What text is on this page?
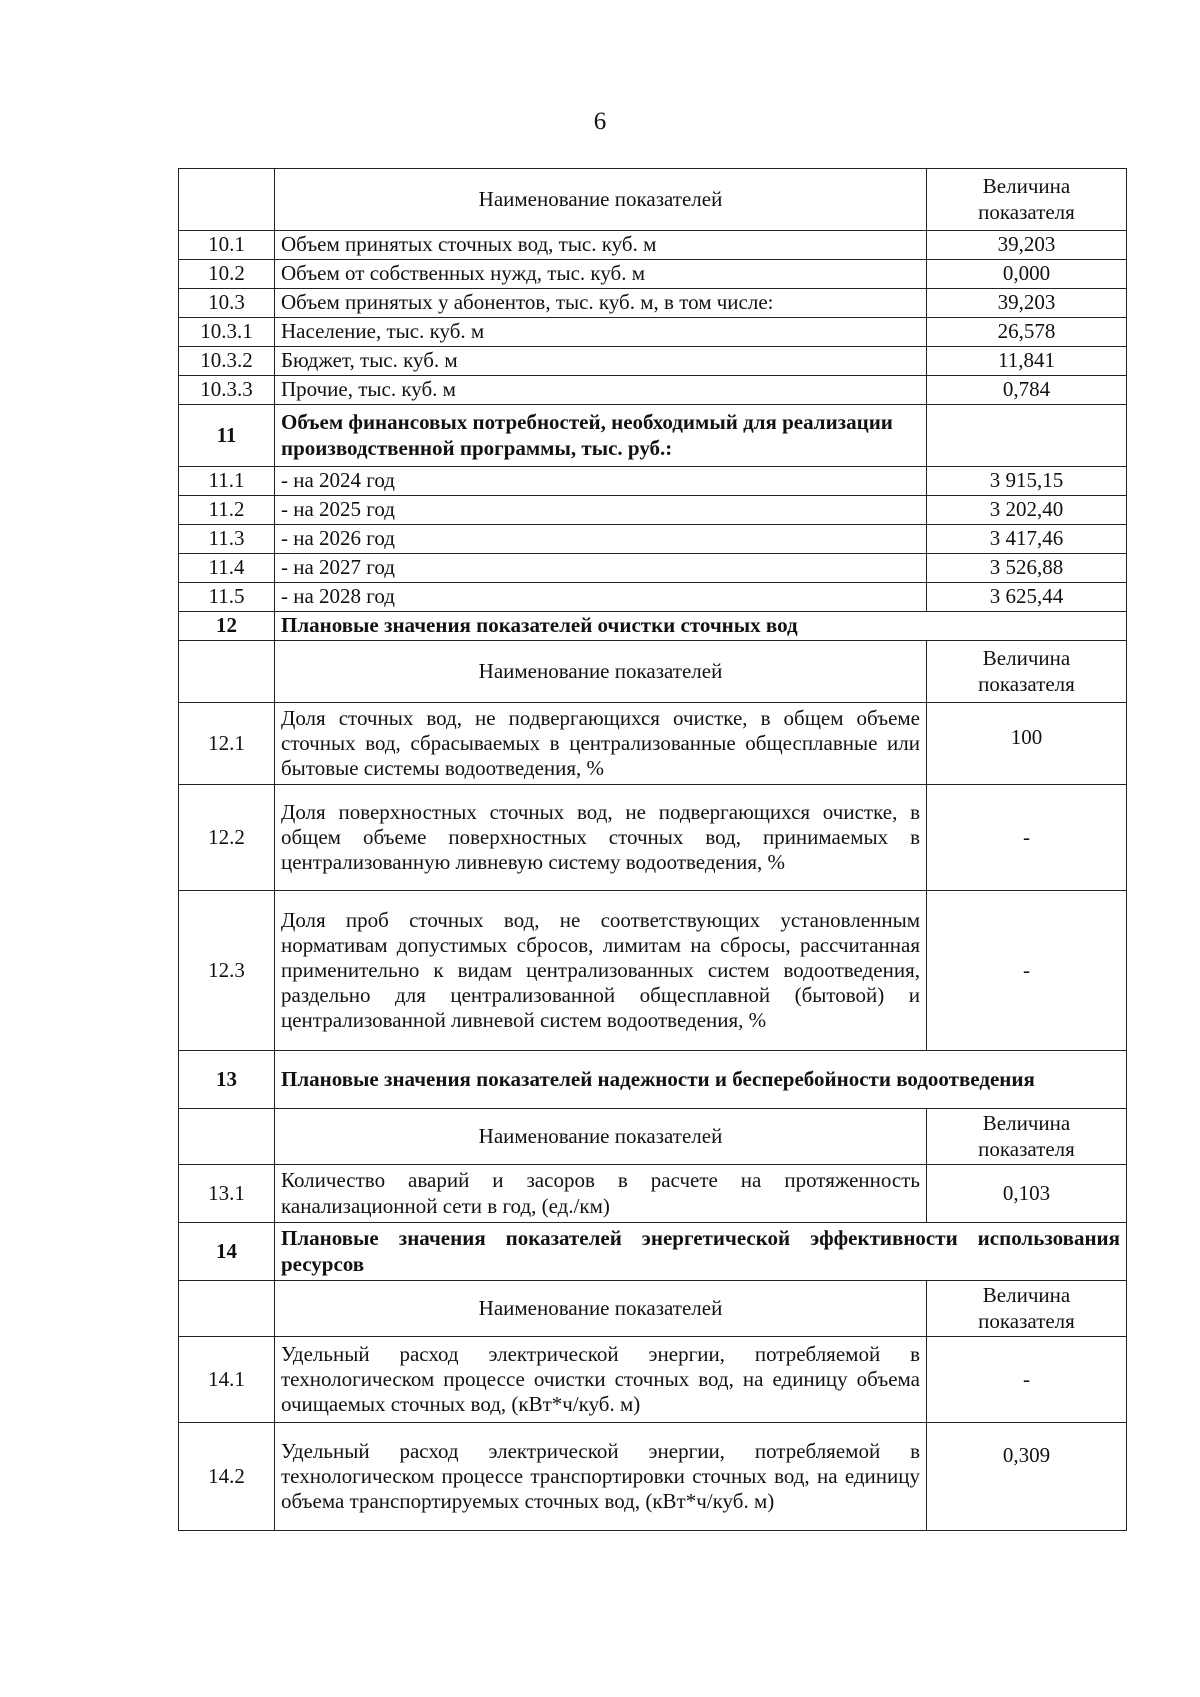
6
	Наименование показателей	Величина показателя
10.1	Объем принятых сточных вод, тыс. куб. м	39,203
10.2	Объем от собственных нужд, тыс. куб. м	0,000
10.3	Объем принятых у абонентов, тыс. куб. м, в том числе:	39,203
10.3.1	Население, тыс. куб. м	26,578
10.3.2	Бюджет, тыс. куб. м	11,841
10.3.3	Прочие, тыс. куб. м	0,784
11	Объем финансовых потребностей, необходимый для реализации производственной программы, тыс. руб.:	
11.1	- на 2024 год	3 915,15
11.2	- на 2025 год	3 202,40
11.3	- на 2026 год	3 417,46
11.4	- на 2027 год	3 526,88
11.5	- на 2028 год	3 625,44
12	Плановые значения показателей очистки сточных вод	
	Наименование показателей	Величина показателя
12.1	Доля сточных вод, не подвергающихся очистке, в общем объеме сточных вод, сбрасываемых в централизованные общесплавные или бытовые системы водоотведения, %	100
12.2	Доля поверхностных сточных вод, не подвергающихся очистке, в общем объеме поверхностных сточных вод, принимаемых в централизованную ливневую систему водоотведения, %	-
12.3	Доля проб сточных вод, не соответствующих установленным нормативам допустимых сбросов, лимитам на сбросы, рассчитанная применительно к видам централизованных систем водоотведения, раздельно для централизованной общесплавной (бытовой) и централизованной ливневой систем водоотведения, %	-
13	Плановые значения показателей надежности и бесперебойности водоотведения	
	Наименование показателей	Величина показателя
13.1	Количество аварий и засоров в расчете на протяженность канализационной сети в год, (ед./км)	0,103
14	Плановые значения показателей энергетической эффективности использования ресурсов	
	Наименование показателей	Величина показателя
14.1	Удельный расход электрической энергии, потребляемой в технологическом процессе очистки сточных вод, на единицу объема очищаемых сточных вод, (кВт*ч/куб. м)	-
14.2	Удельный расход электрической энергии, потребляемой в технологическом процессе транспортировки сточных вод, на единицу объема транспортируемых сточных вод, (кВт*ч/куб. м)	0,309
